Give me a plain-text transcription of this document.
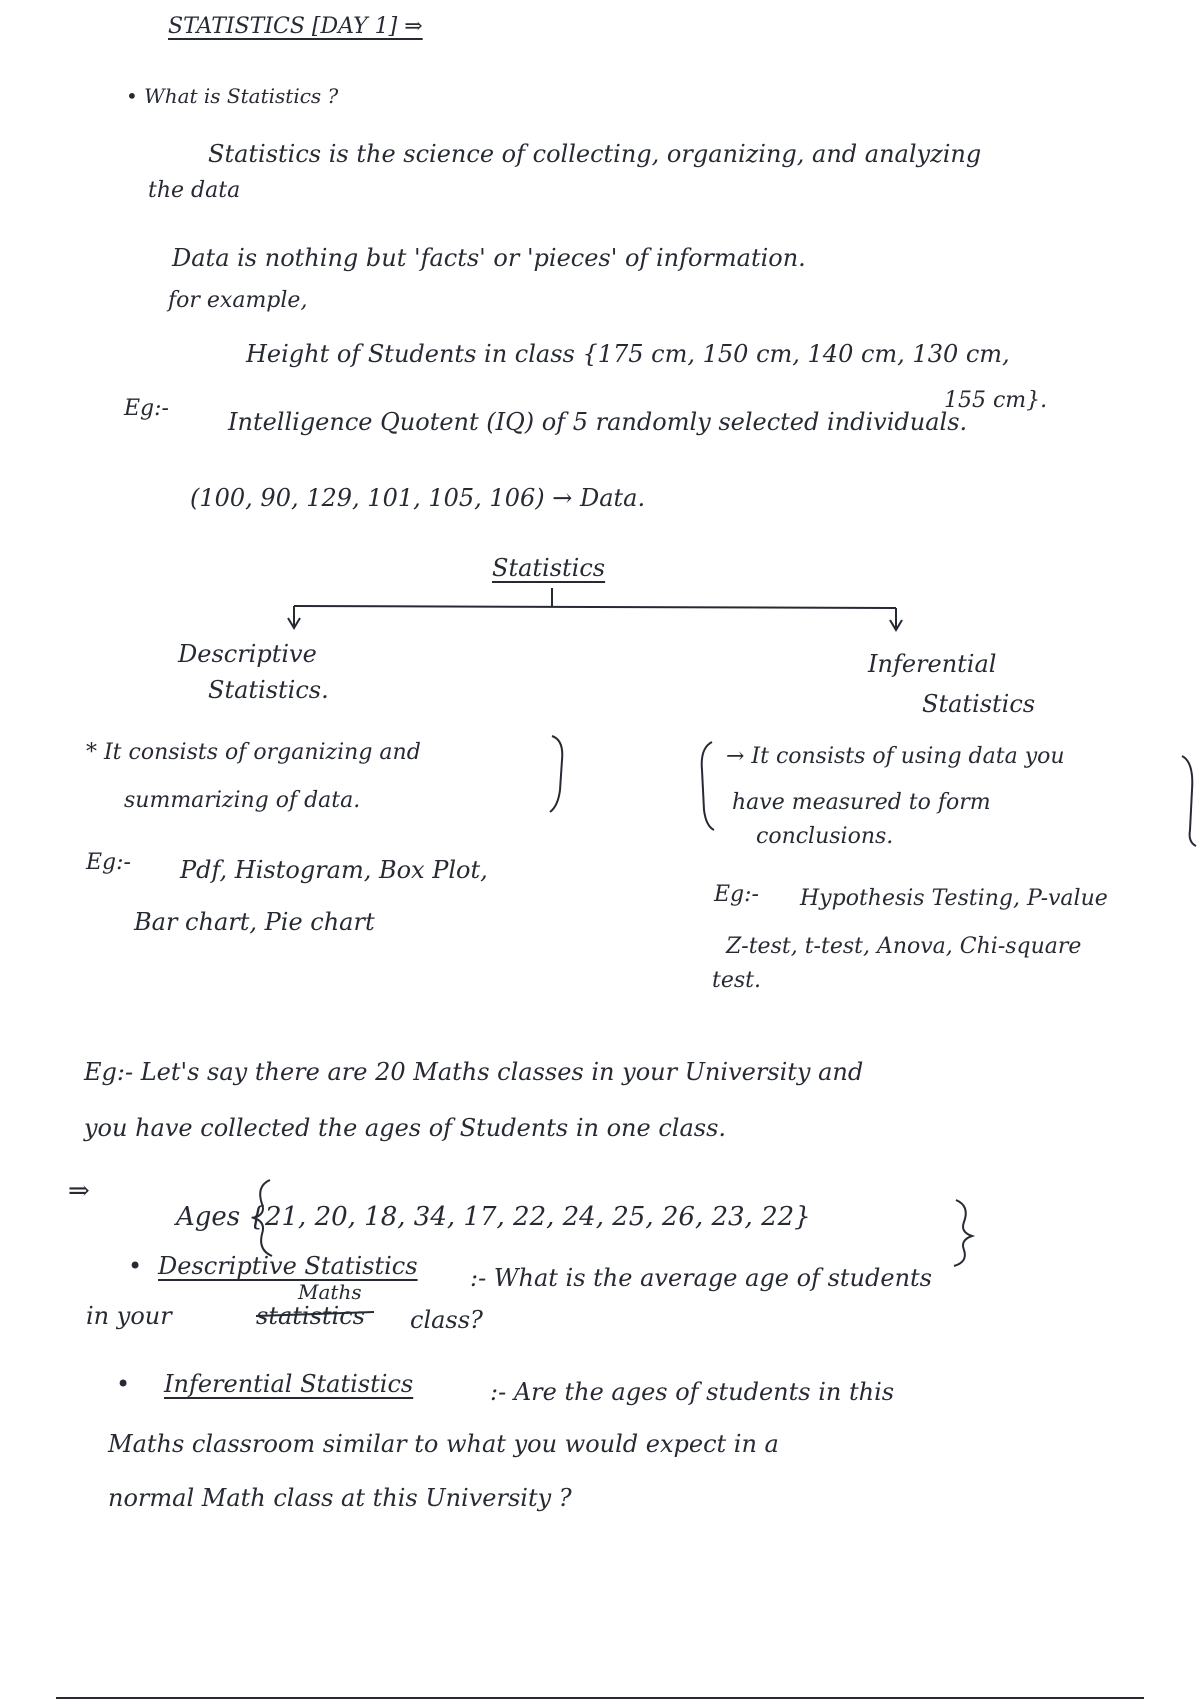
STATISTICS [DAY 1] ⇒
• What is Statistics ?
Statistics is the science of collecting, organizing, and analyzing
the data
Data is nothing but 'facts' or 'pieces' of information.
for example,
Height of Students in class {175 cm, 150 cm, 140 cm, 130 cm,
155 cm}.
Eg:- Intelligence Quotent (IQ) of 5 randomly selected individuals.
(100, 90, 129, 101, 105, 106) → Data.
Statistics
Descriptive
Statistics.
Inferential
Statistics
* It consists of organizing and
summarizing of data.
Eg:- Pdf, Histogram, Box Plot,
Bar chart, Pie chart
→ It consists of using data you
have measured to form
conclusions.
Eg:- Hypothesis Testing, P-value
Z-test, t-test, Anova, Chi-square
test.
Eg:- Let's say there are 20 Maths classes in your University and
you have collected the ages of Students in one class.
⇒
Ages {21, 20, 18, 34, 17, 22, 24, 25, 26, 23, 22}
• Descriptive Statistics :- What is the average age of students
in your
Maths
statistics class?
• Inferential Statistics	:- Are the ages of students in this
Maths classroom similar to what you would expect in a
normal Math class at this University ?
